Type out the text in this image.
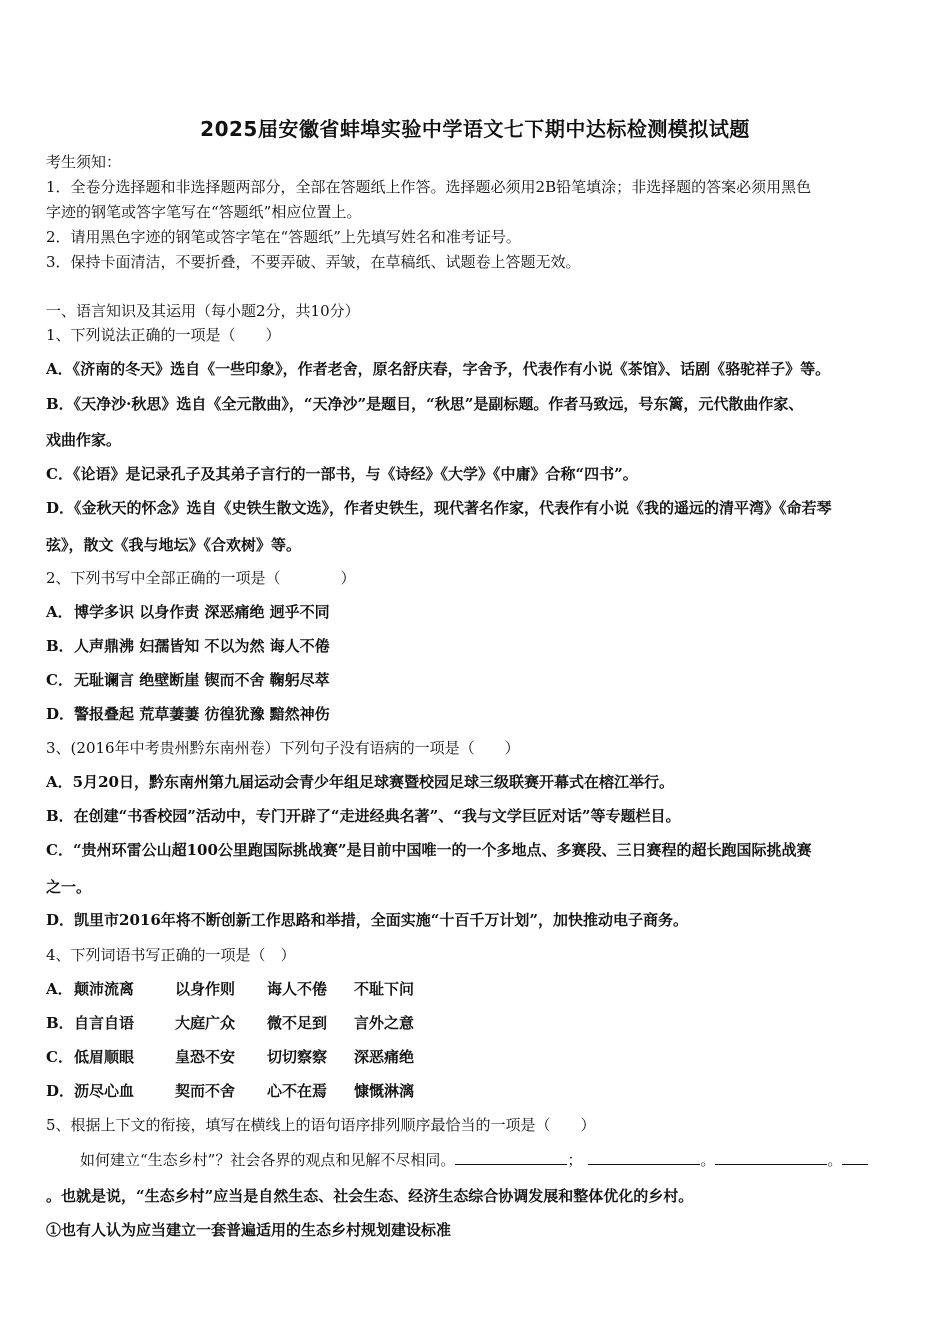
2025届安徽省蚌埠实验中学语文七下期中达标检测模拟试题
考生须知：
1．全卷分选择题和非选择题两部分，全部在答题纸上作答。选择题必须用2B铅笔填涂；非选择题的答案必须用黑色
字迹的钢笔或答字笔写在“答题纸”相应位置上。
2．请用黑色字迹的钢笔或答字笔在“答题纸”上先填写姓名和准考证号。
3．保持卡面清洁，不要折叠，不要弄破、弄皱，在草稿纸、试题卷上答题无效。
一、语言知识及其运用（每小题2分，共10分）
1、下列说法正确的一项是（　　）
A．《济南的冬天》选自《一些印象》，作者老舍，原名舒庆春，字舍予，代表作有小说《茶馆》、话剧《骆驼祥子》等。
B．《天净沙·秋思》选自《全元散曲》，“天净沙”是题目，“秋思”是副标题。作者马致远，号东篱，元代散曲作家、
戏曲作家。
C．《论语》是记录孔子及其弟子言行的一部书，与《诗经》《大学》《中庸》合称“四书”。
D．《金秋天的怀念》选自《史铁生散文选》，作者史铁生，现代著名作家，代表作有小说《我的遥远的清平湾》《命若琴
弦》，散文《我与地坛》《合欢树》等。
2、下列书写中全部正确的一项是（　　　　）
A．博学多识 以身作责 深恶痛绝 迥乎不同
B．人声鼎沸 妇孺皆知 不以为然 诲人不倦
C．无耻谰言 绝壁断崖 锲而不舍 鞠躬尽萃
D．警报叠起 荒草萋萋 彷徨犹豫 黯然神伤
3、(2016年中考贵州黔东南州卷）下列句子没有语病的一项是（　　）
A．5月20日，黔东南州第九届运动会青少年组足球赛暨校园足球三级联赛开幕式在榕江举行。
B．在创建“书香校园”活动中，专门开辟了“走进经典名著”、“我与文学巨匠对话”等专题栏目。
C．“贵州环雷公山超100公里跑国际挑战赛”是目前中国唯一的一个多地点、多赛段、三日赛程的超长跑国际挑战赛
之一。
D．凯里市2016年将不断创新工作思路和举措，全面实施“十百千万计划”，加快推动电子商务。
4、下列词语书写正确的一项是（　）
A．颠沛流离	以身作则 诲人不倦 不耻下问
B．自言自语	大庭广众 微不足到 言外之意
C．低眉顺眼	皇恐不安 切切察察 深恶痛绝
D．沥尽心血	契而不舍 心不在焉 慷慨淋漓
5、根据上下文的衔接，填写在横线上的语句语序排列顺序最恰当的一项是（　　）
如何建立“生态乡村”？社会各界的观点和见解不尽相同。	；	。	。
。也就是说，“生态乡村”应当是自然生态、社会生态、经济生态综合协调发展和整体优化的乡村。
①也有人认为应当建立一套普遍适用的生态乡村规划建设标准
